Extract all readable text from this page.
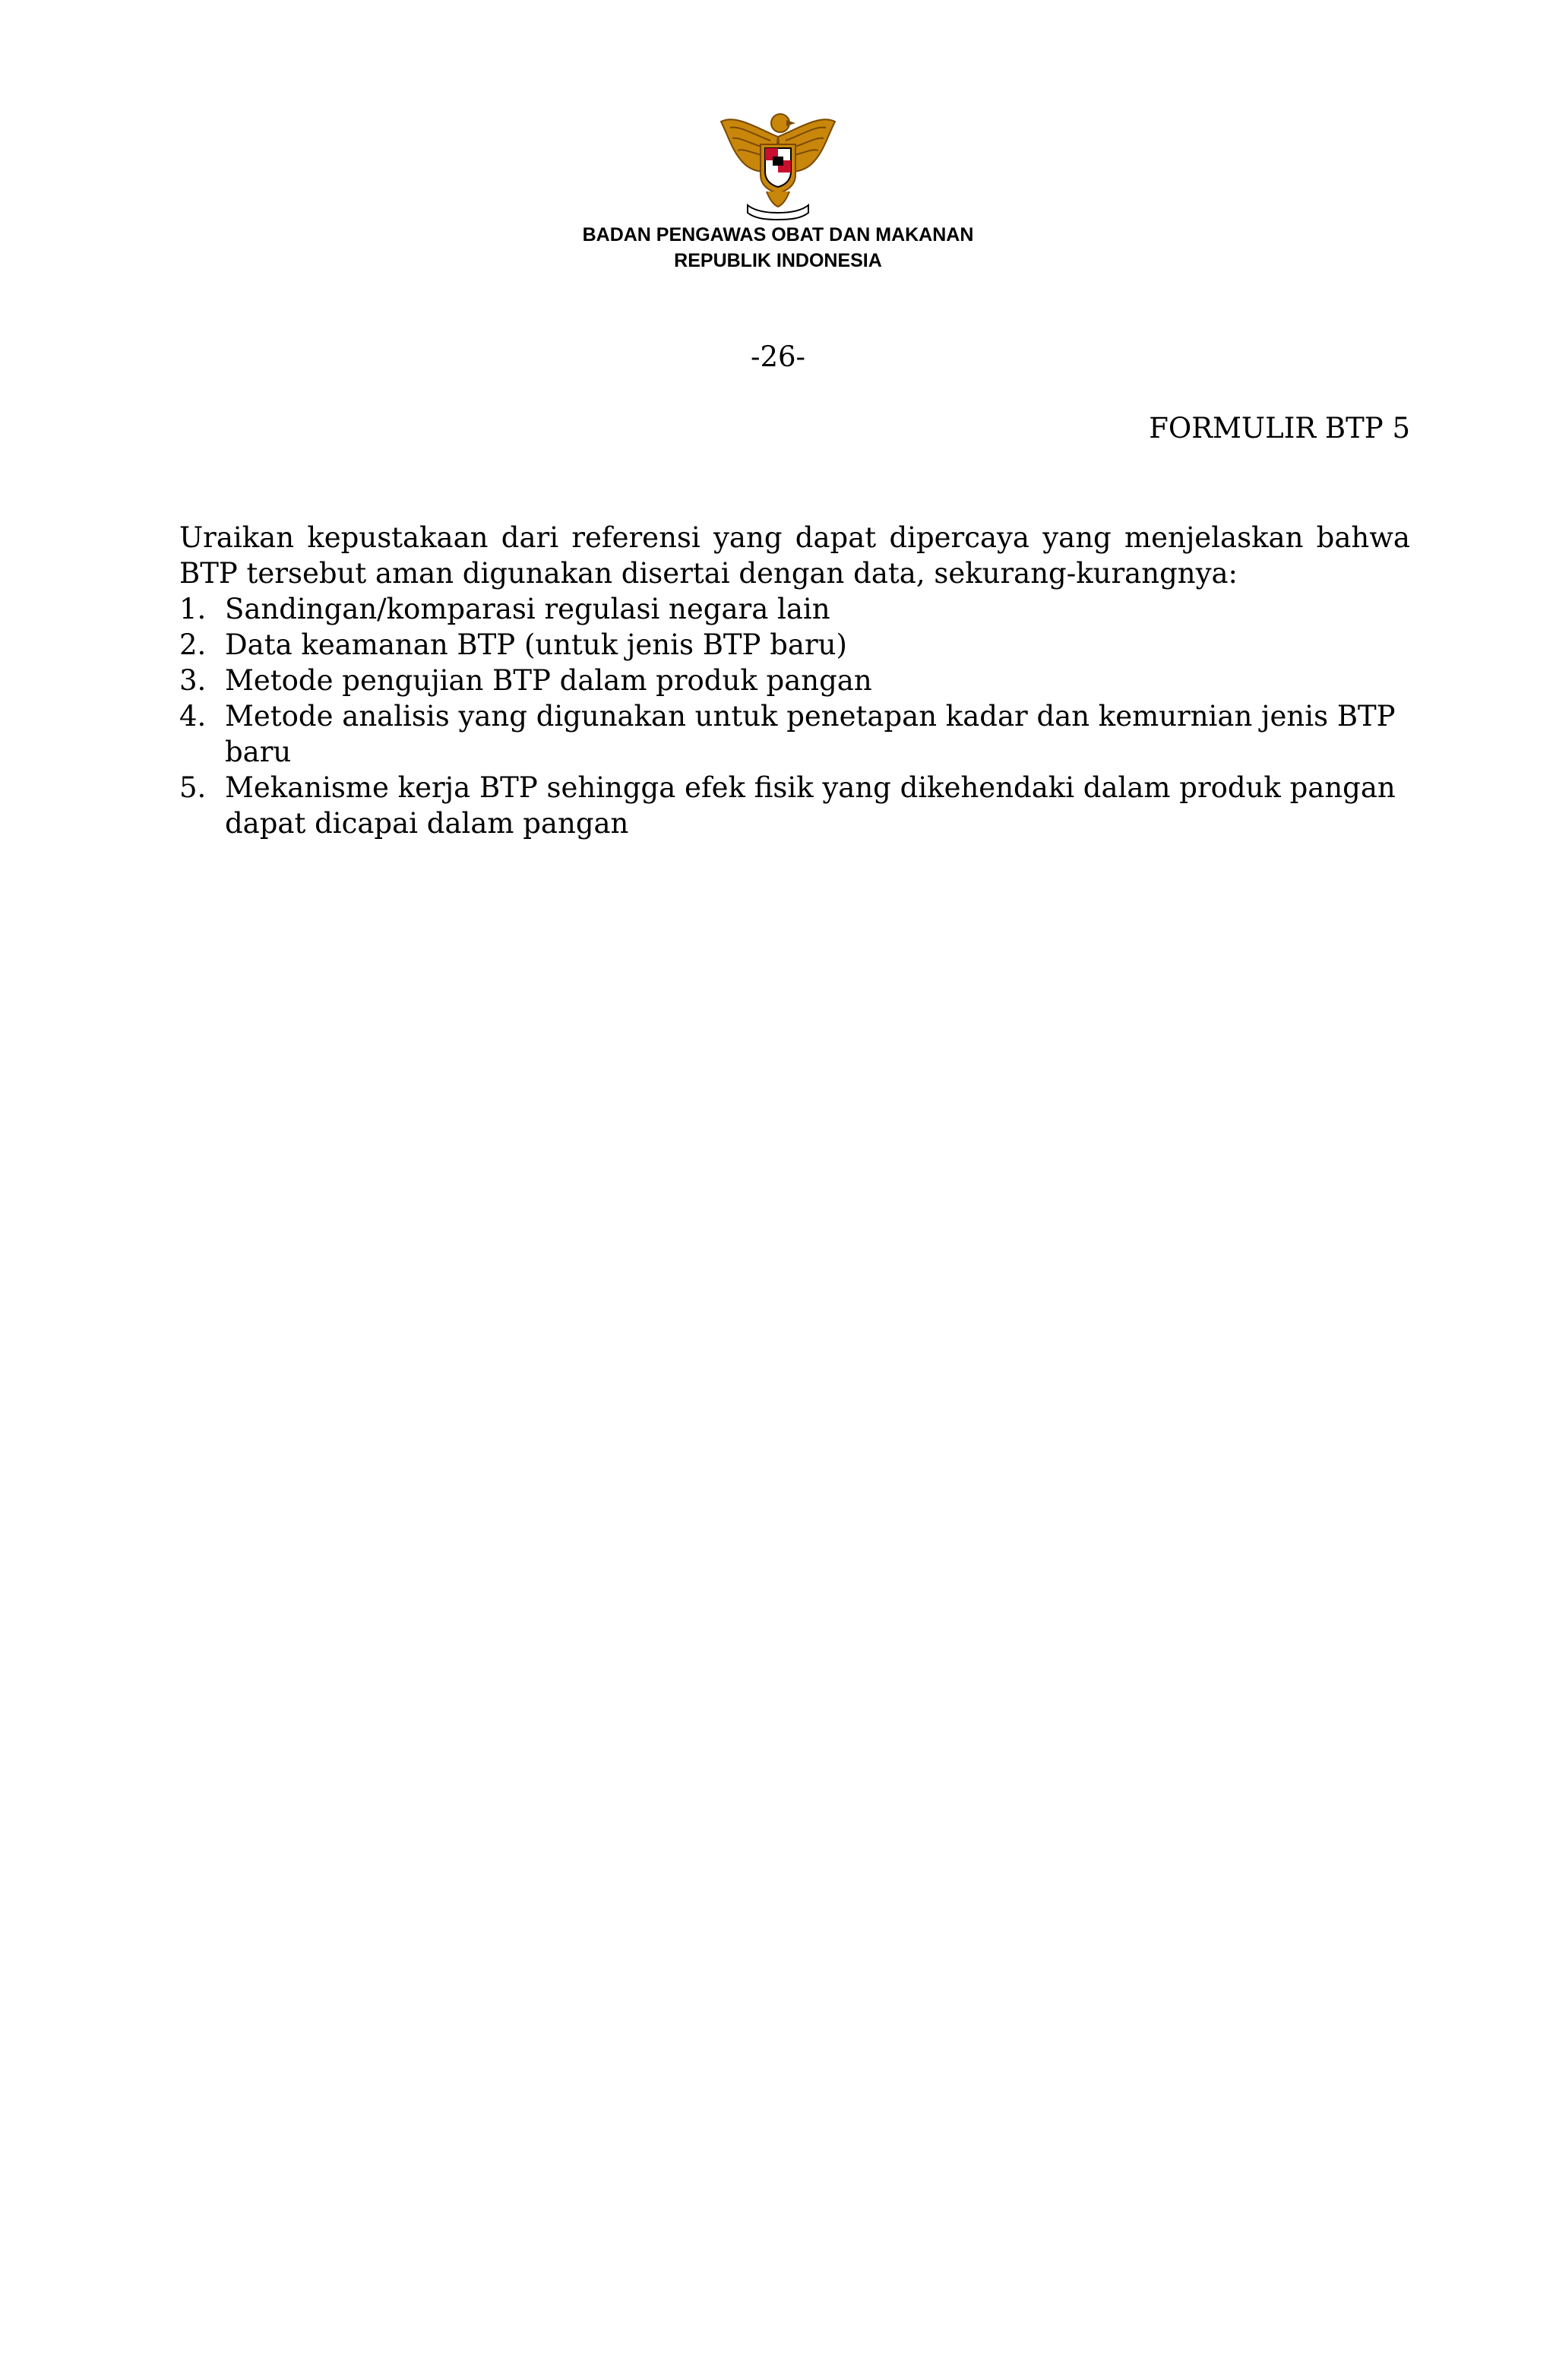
BADAN PENGAWAS OBAT DAN MAKANAN
REPUBLIK INDONESIA
-26-
FORMULIR BTP 5

Uraikan kepustakaan dari referensi yang dapat dipercaya yang menjelaskan bahwa BTP tersebut aman digunakan disertai dengan data, sekurang-kurangnya:

1. Sandingan/komparasi regulasi negara lain
2. Data keamanan BTP (untuk jenis BTP baru)
3. Metode pengujian BTP dalam produk pangan
4. Metode analisis yang digunakan untuk penetapan kadar dan kemurnian jenis BTP baru
5. Mekanisme kerja BTP sehingga efek fisik yang dikehendaki dalam produk pangan dapat dicapai dalam pangan
